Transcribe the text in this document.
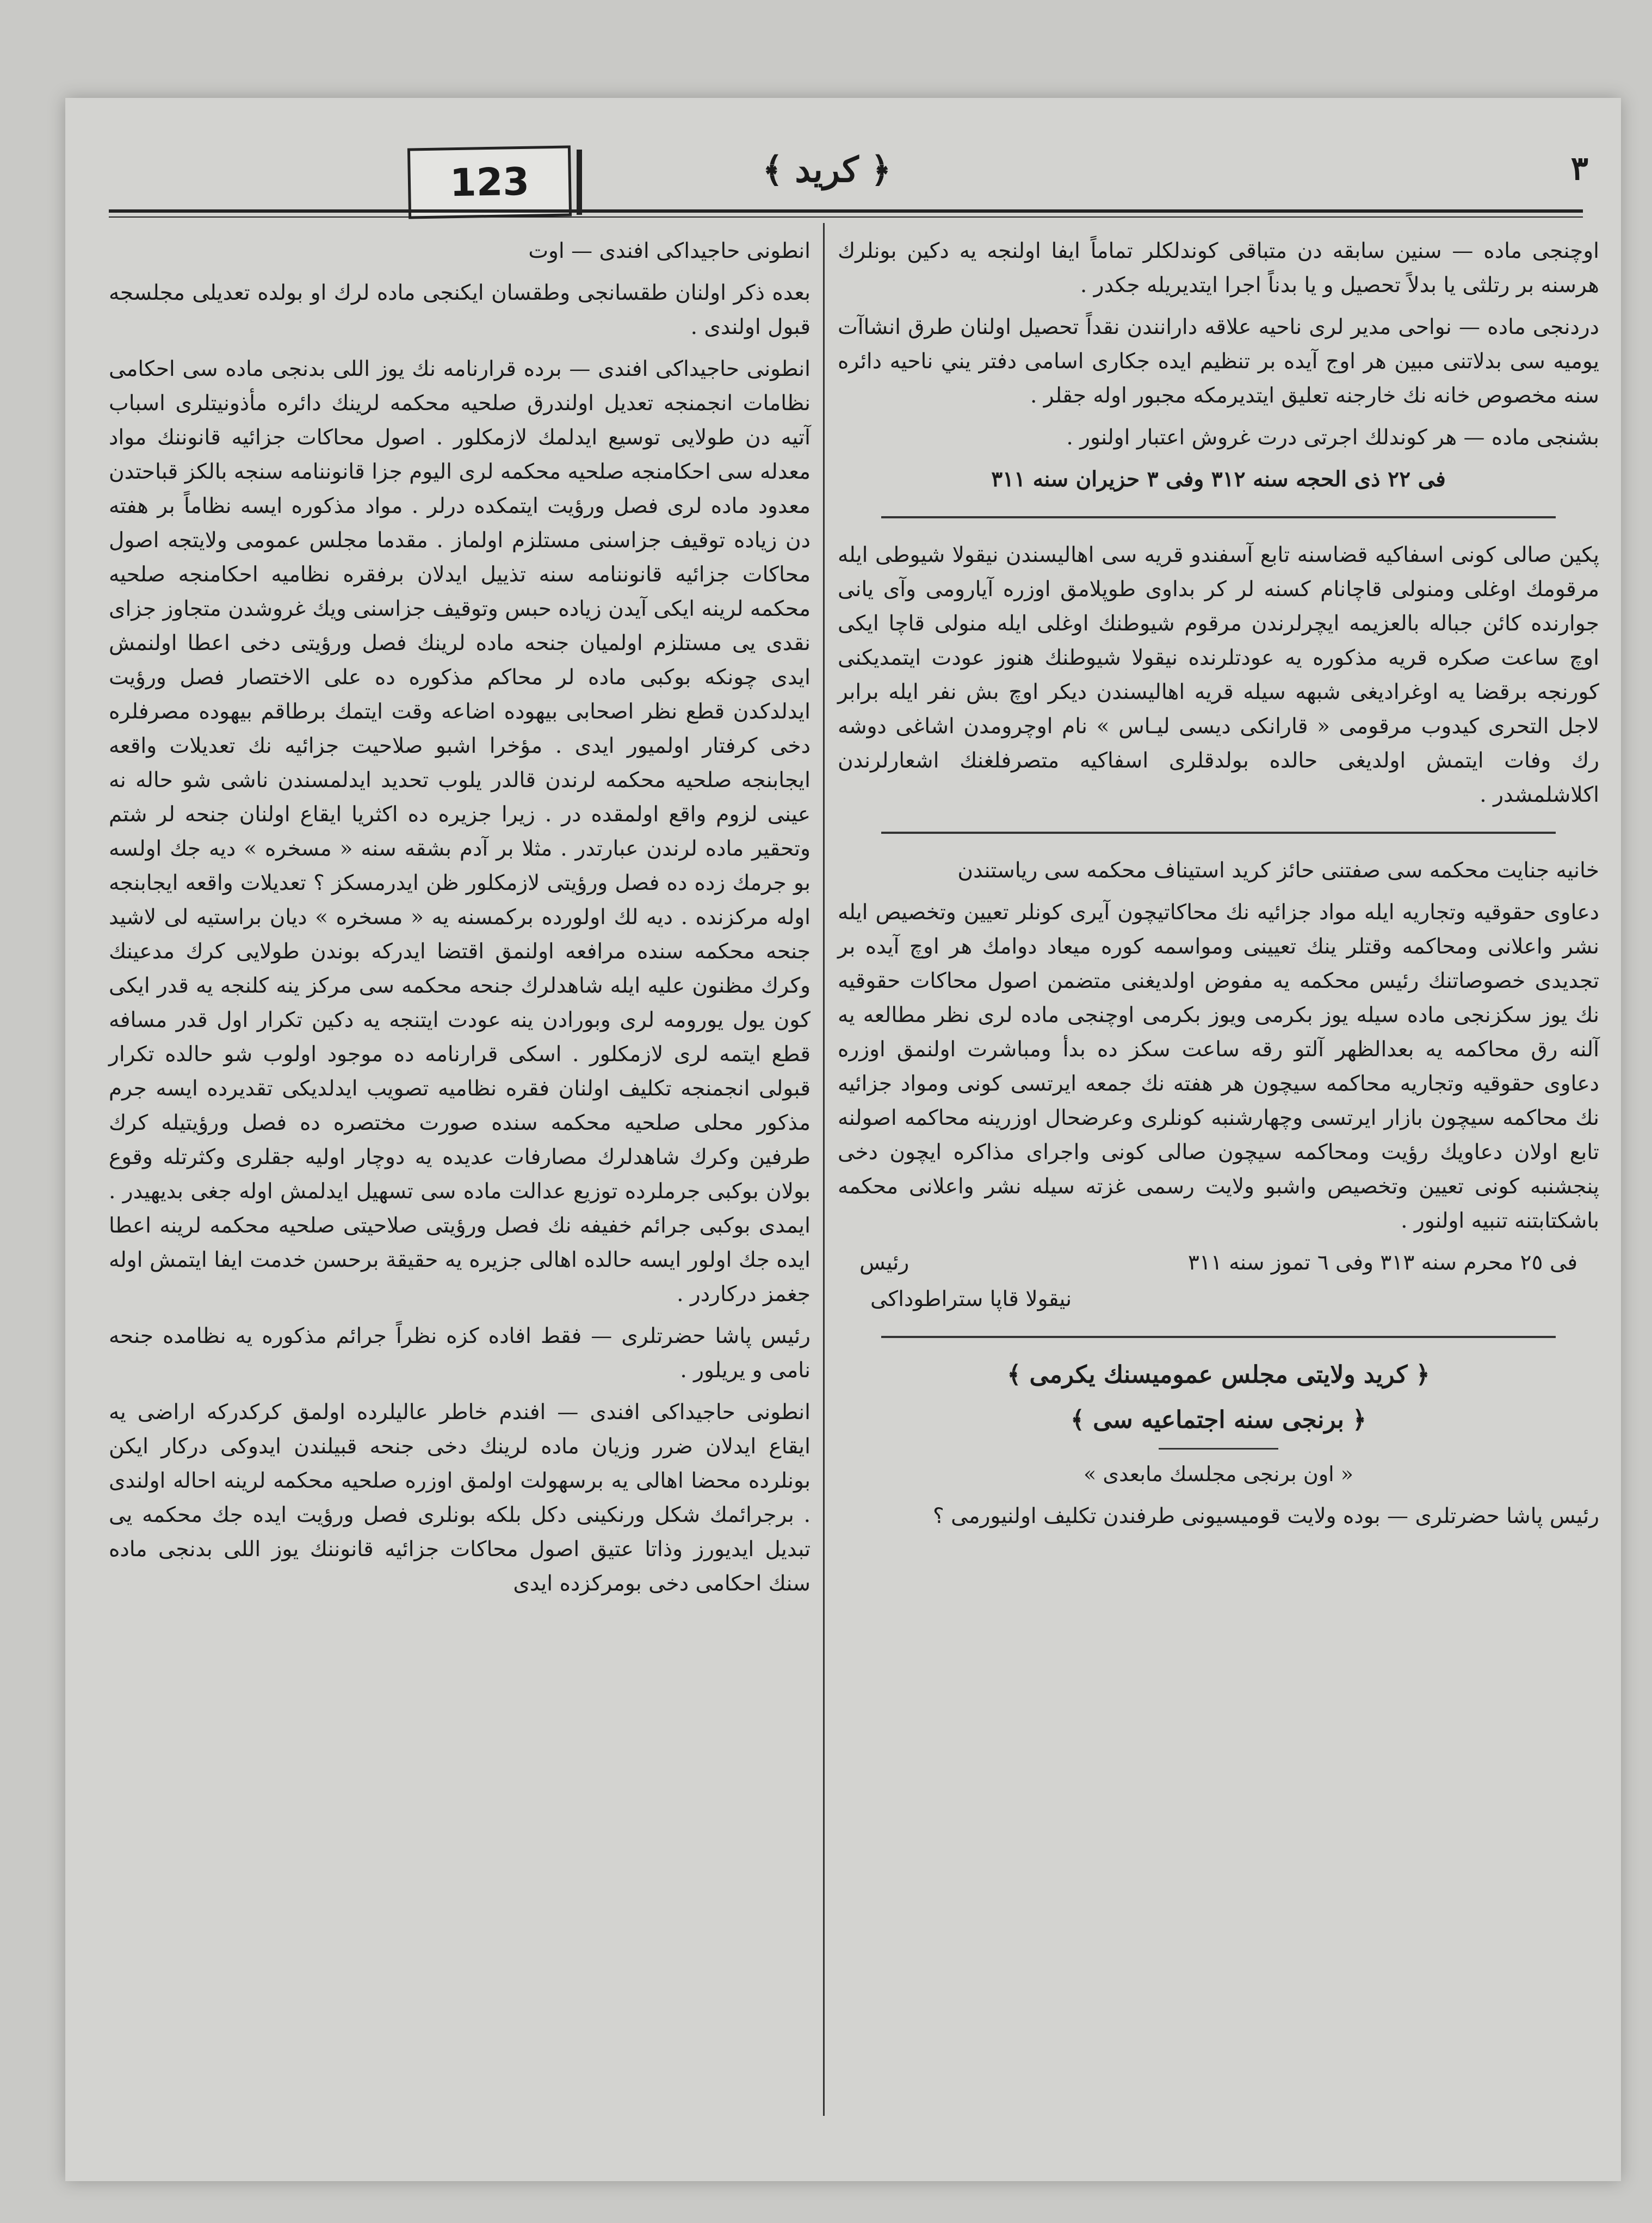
123	﴿ كريد ﴾	٣

اوچنجی ماده — سنين سابقه دن متباقی كوندلكلر تماماً ايفا اولنجه يه دكين بونلرك هرسنه بر رتلثی يا بدلاً تحصيل و يا بدناً اجرا ايتديريله جكدر .

دردنجی ماده — نواحی مدير لری ناحيه علاقه دارانندن نقداً تحصيل اولنان طرق انشاآت يوميه سی بدلاتنی مبين هر اوج آيده بر تنظيم ايده جكاری اسامی دفتر يني ناحيه دائره سنه مخصوص خانه نك خارجنه تعليق ايتديرمكه مجبور اوله جقلر .

بشنجی ماده — هر كوندلك اجرتی درت غروش اعتبار اولنور .

فی ٢٢ ذی الحجه سنه ٣١٢ وفی ٣ حزيران سنه ٣١١

پكين صالی كونی اسفاكيه قضاسنه تابع آسفندو قريه سی اهاليسندن نيقولا شيوطی ايله مرقومك اوغلی ومنولی قاچانام كسنه لر كر بداوی طوپلامق اوزره آيارومی وآی يانی جوارنده كائن جباله بالعزيمه ايچرلرندن مرقوم شيوطنك اوغلی ايله منولی قاچا ايكی اوچ ساعت صكره قريه مذكوره يه عودتلرنده نيقولا شيوطنك هنوز عودت ايتمديكنی كورنجه برقضا يه اوغراديغی شبهه سيله قريه اهاليسندن ديكر اوچ بش نفر ايله برابر لاجل التحری كيدوب مرقومی « قارانكی ديسی ليـاس » نام اوچرومدن اشاغی دوشه رك وفات ايتمش اولديغی حالده بولدقلری اسفاكيه متصرفلغنك اشعارلرندن اكلاشلمشدر .

خانيه جنايت محكمه سی صفتنی حائز كريد استيناف محكمه سی رياستندن

دعاوی حقوقيه وتجاريه ايله مواد جزائيه نك محاكاتيچون آيری كونلر تعيين وتخصيص ايله نشر واعلانی ومحاكمه وقتلر ينك تعيينی ومواسمه كوره ميعاد دوامك هر اوچ آيده بر تجديدی خصوصاتنك رئيس محكمه يه مفوض اولديغنی متضمن اصول محاكات حقوقيه نك يوز سكزنجی ماده سيله يوز بكرمی ويوز بكرمی اوچنجی ماده لری نظر مطالعه يه آلنه رق محاكمه يه بعدالظهر آلتو رقه ساعت سكز ده بدأ ومباشرت اولنمق اوزره دعاوی حقوقيه وتجاريه محاكمه سيچون هر هفته نك جمعه ايرتسی كونی ومواد جزائيه نك محاكمه سيچون بازار ايرتسی وچهارشنبه كونلری وعرضحال اوزرينه محاكمه اصولنه تابع اولان دعاويك رؤيت ومحاكمه سيچون صالی كونی واجرای مذاكره ايچون دخی پنجشنبه كونی تعيين وتخصيص واشبو ولايت رسمی غزته سيله نشر واعلانی محكمه باشكتابتنه تنبيه اولنور .

فی ٢٥ محرم سنه ٣١٣ وفی ٦ تموز سنه ٣١١
رئيس

نيقولا قاپا ستراطوداكی

﴿ كريد ولايتی مجلس عموميسنك يكرمی ﴾

﴿ برنجی سنه اجتماعيه سی ﴾

« اون برنجی مجلسك مابعدی »

رئيس پاشا حضرتلری — بوده ولايت قوميسيونی طرفندن تكليف اولنيورمی ؟

انطونی حاجيداكی افندی — اوت

بعده ذكر اولنان طقسانجی وطقسان ايكنجی ماده لرك او بولده تعديلی مجلسجه قبول اولندی .

انطونی حاجيداكی افندی — برده قرارنامه نك يوز اللی بدنجی ماده سی احكامی نظامات انجمنجه تعديل اولندرق صلحيه محكمه لرينك دائره مأذونيتلری اسباب آتيه دن طولايی توسيع ايدلمك لازمكلور . اصول محاكات جزائيه قانوننك مواد معدله سی احكامنجه صلحيه محكمه لری اليوم جزا قانوننامه سنجه بالكز قباحتدن معدود ماده لری فصل ورؤيت ايتمكده درلر . مواد مذكوره ايسه نظاماً بر هفته دن زياده توقيف جزاسنی مستلزم اولماز . مقدما مجلس عمومی ولايتجه اصول محاكات جزائيه قانوننامه سنه تذييل ايدلان برفقره نظاميه احكامنجه صلحيه محكمه لرينه ايكی آيدن زياده حبس وتوقيف جزاسنی ويك غروشدن متجاوز جزای نقدی يی مستلزم اولميان جنحه ماده لرينك فصل ورؤيتی دخی اعطا اولنمش ايدی چونكه بوكبی ماده لر محاكم مذكوره ده علی الاختصار فصل ورؤيت ايدلدكدن قطع نظر اصحابی بيهوده اضاعه وقت ايتمك برطاقم بيهوده مصرفلره دخی كرفتار اولميور ايدی . مؤخرا اشبو صلاحيت جزائيه نك تعديلات واقعه ايجابنجه صلحيه محكمه لرندن قالدر يلوب تحديد ايدلمسندن ناشی شو حاله نه عينی لزوم واقع اولمقده در . زيرا جزيره ده اكثريا ايقاع اولنان جنحه لر شتم وتحقير ماده لرندن عبارتدر . مثلا بر آدم بشقه سنه « مسخره » ديه جك اولسه بو جرمك زده ده فصل ورؤيتی لازمكلور ظن ايدرمسكز ؟ تعديلات واقعه ايجابنجه اوله مركزنده . ديه لك اولورده بركمسنه يه « مسخره » ديان براستيه لی لاشيد جنحه محكمه سنده مرافعه اولنمق اقتضا ايدركه بوندن طولايی كرك مدعينك وكرك مظنون عليه ايله شاهدلرك جنحه محكمه سی مركز ينه كلنجه يه قدر ايكی كون يول يورومه لری وبورادن ينه عودت ايتنجه يه دكين تكرار اول قدر مسافه قطع ايتمه لری لازمكلور . اسكی قرارنامه ده موجود اولوب شو حالده تكرار قبولی انجمنجه تكليف اولنان فقره نظاميه تصويب ايدلديكی تقديرده ايسه جرم مذكور محلی صلحيه محكمه سنده صورت مختصره ده فصل ورؤيتيله كرك طرفين وكرك شاهدلرك مصارفات عديده يه دوچار اوليه جقلری وكثرتله وقوع بولان بوكبی جرملرده توزيع عدالت ماده سی تسهيل ايدلمش اوله جغی بديهيدر . ايمدی بوكبی جرائم خفيفه نك فصل ورؤيتی صلاحيتی صلحيه محكمه لرينه اعطا ايده جك اولور ايسه حالده اهالی جزيره يه حقيقة برحسن خدمت ايفا ايتمش اوله جغمز دركاردر .

رئيس پاشا حضرتلری — فقط افاده كزه نظراً جرائم مذكوره يه نظامده جنحه نامی و يريلور .

انطونی حاجيداكی افندی — افندم خاطر عاليلرده اولمق كركدركه اراضی يه ايقاع ايدلان ضرر وزيان ماده لرينك دخی جنحه قبيلندن ايدوكی دركار ايكن بونلرده محضا اهالی يه برسهولت اولمق اوزره صلحيه محكمه لرينه احاله اولندی . برجرائمك شكل ورنكينی دكل بلكه بونلری فصل ورؤيت ايده جك محكمه يی تبديل ايديورز وذاتا عتيق اصول محاكات جزائيه قانوننك يوز اللی بدنجی ماده سنك احكامی دخی بومركزده ايدی
